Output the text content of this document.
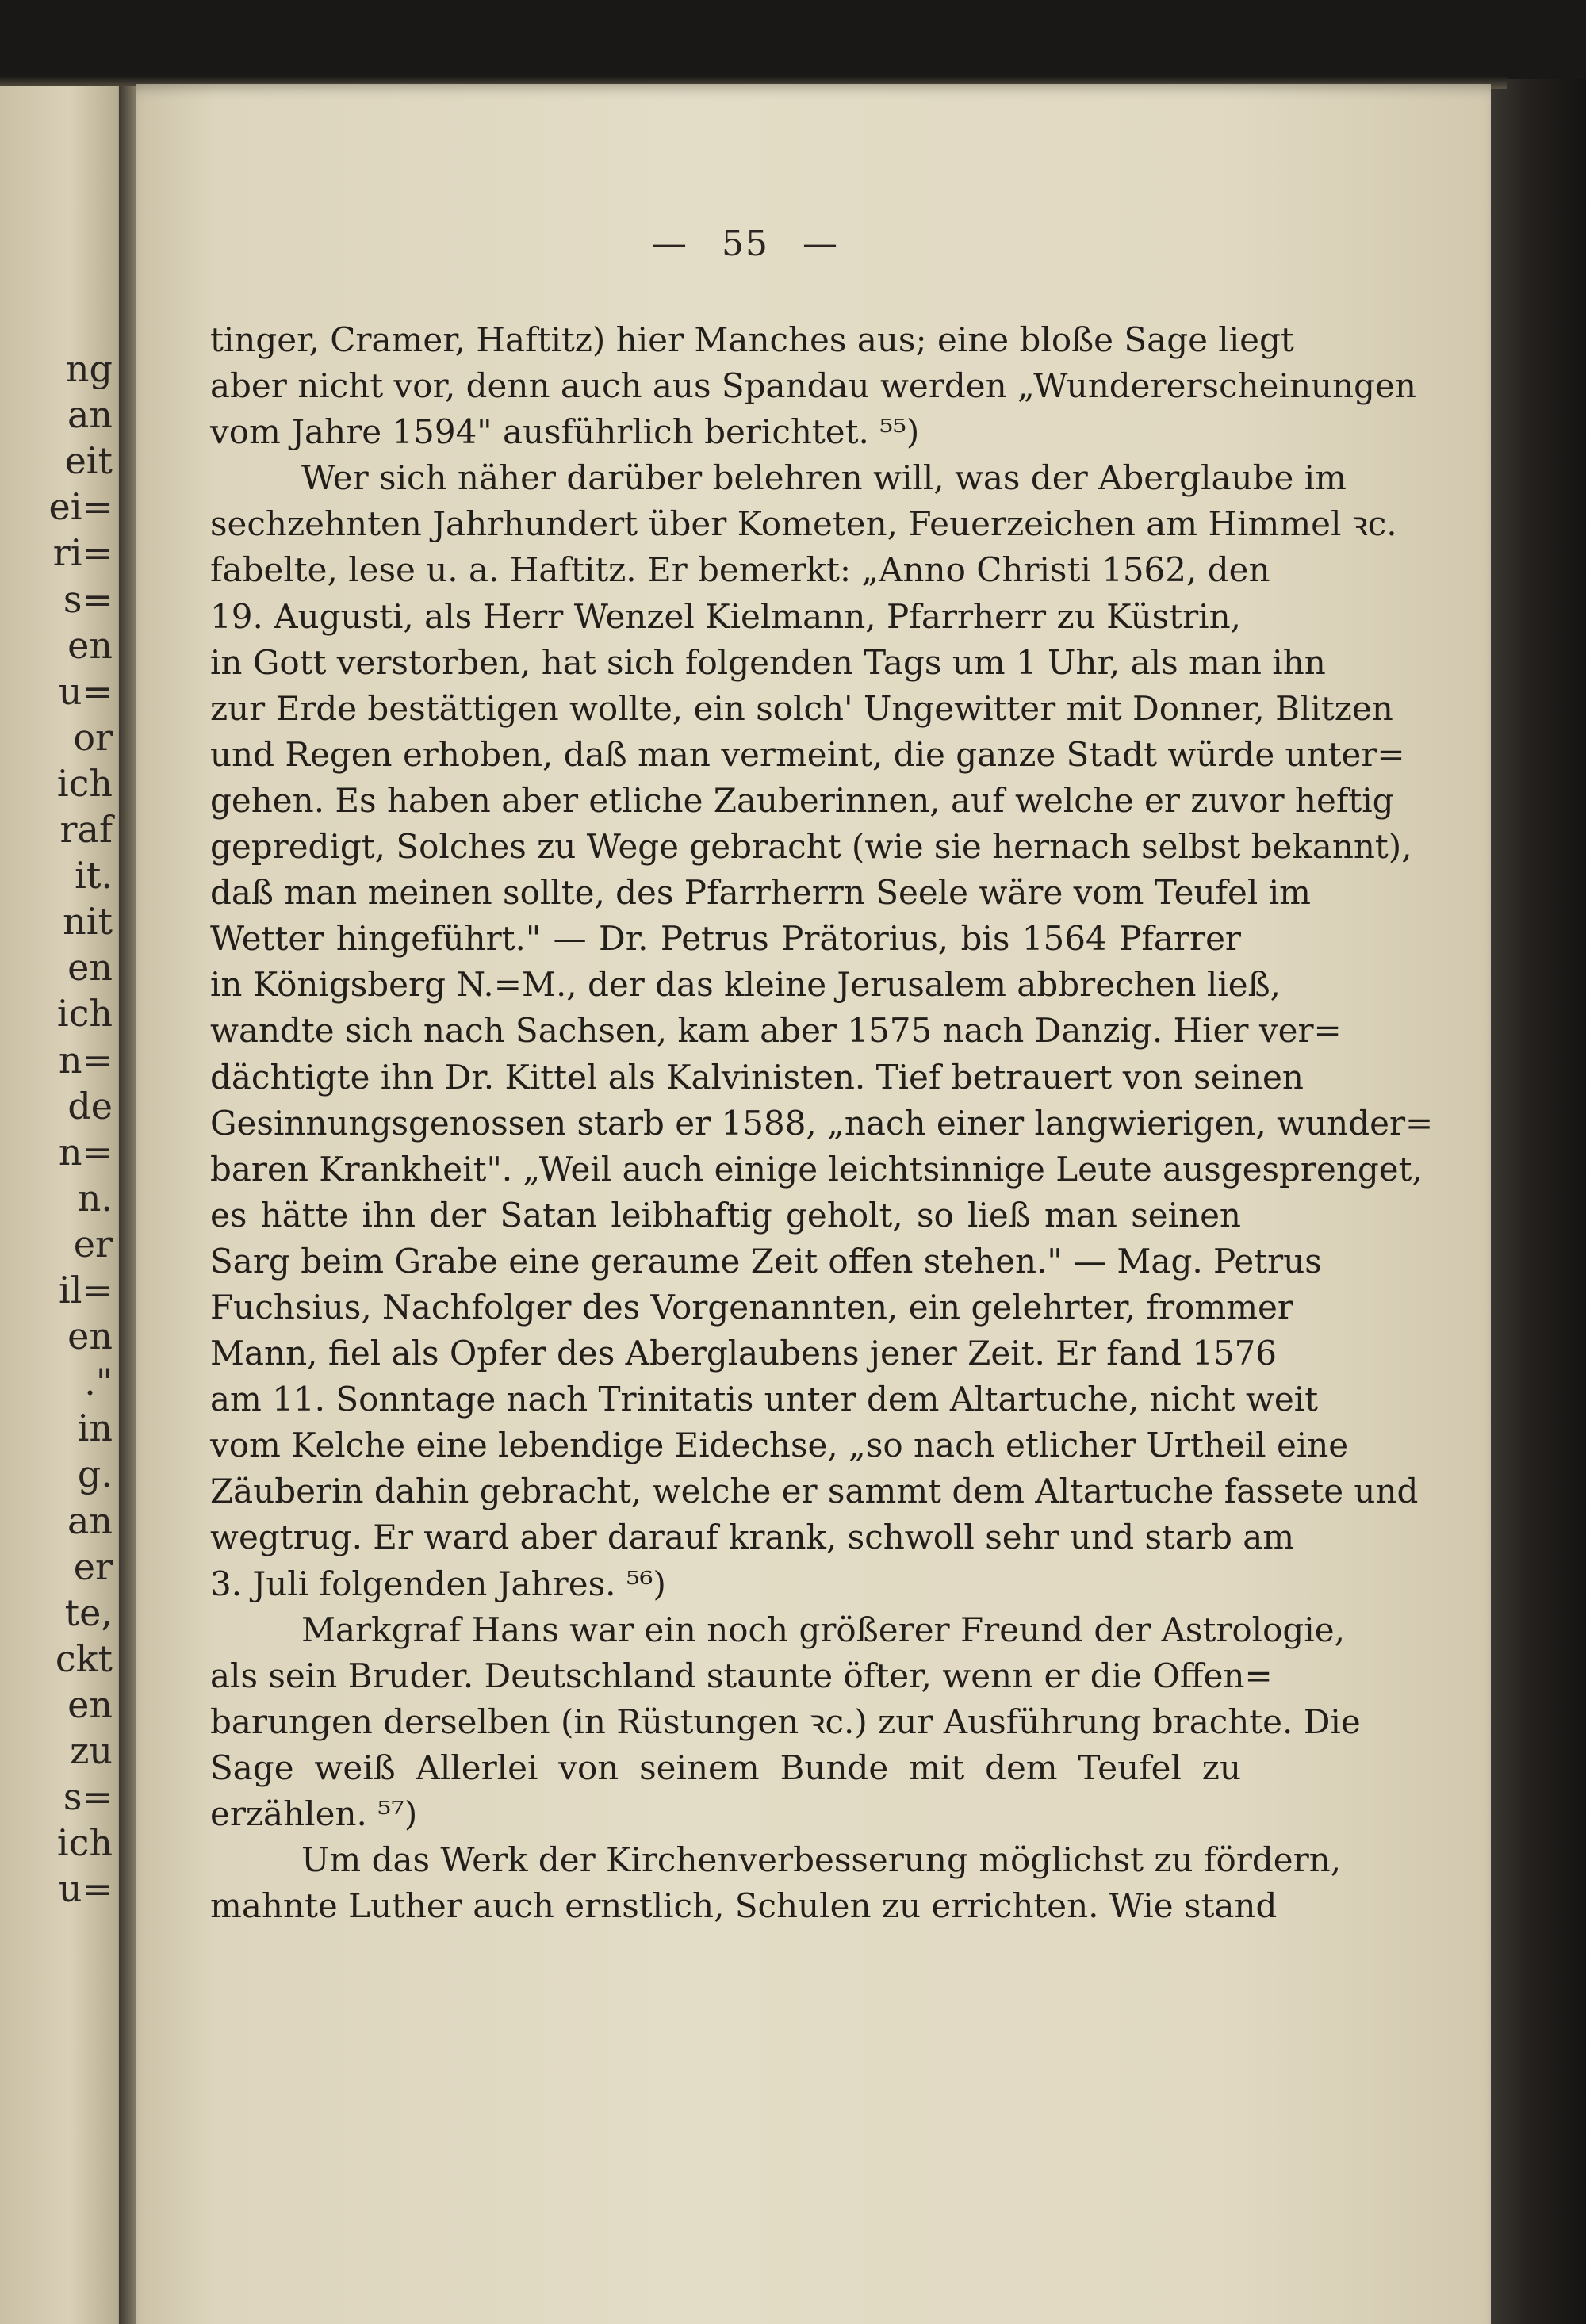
ng
an
eit
ei=
ri=
s=
en
u=
or
ich
raf
it.
nit
en
ich
n=
de
n=
n.
er
il=
en
."
in
g.
an
er
te,
ckt
en
zu
s=
ich
u=
— 55 —
tinger, Cramer, Haftitz) hier Manches aus; eine bloße Sage liegt
aber nicht vor, denn auch aus Spandau werden „Wundererscheinungen
vom Jahre 1594" ausführlich berichtet. ⁵⁵)
Wer sich näher darüber belehren will, was der Aberglaube im
sechzehnten Jahrhundert über Kometen, Feuerzeichen am Himmel ꝛc.
fabelte, lese u. a. Haftitz. Er bemerkt: „Anno Christi 1562, den
19. Augusti, als Herr Wenzel Kielmann, Pfarrherr zu Küstrin,
in Gott verstorben, hat sich folgenden Tags um 1 Uhr, als man ihn
zur Erde bestättigen wollte, ein solch' Ungewitter mit Donner, Blitzen
und Regen erhoben, daß man vermeint, die ganze Stadt würde unter=
gehen. Es haben aber etliche Zauberinnen, auf welche er zuvor heftig
gepredigt, Solches zu Wege gebracht (wie sie hernach selbst bekannt),
daß man meinen sollte, des Pfarrherrn Seele wäre vom Teufel im
Wetter hingeführt." — Dr. Petrus Prätorius, bis 1564 Pfarrer
in Königsberg N.=M., der das kleine Jerusalem abbrechen ließ,
wandte sich nach Sachsen, kam aber 1575 nach Danzig. Hier ver=
dächtigte ihn Dr. Kittel als Kalvinisten. Tief betrauert von seinen
Gesinnungsgenossen starb er 1588, „nach einer langwierigen, wunder=
baren Krankheit". „Weil auch einige leichtsinnige Leute ausgesprenget,
es hätte ihn der Satan leibhaftig geholt, so ließ man seinen
Sarg beim Grabe eine geraume Zeit offen stehen." — Mag. Petrus
Fuchsius, Nachfolger des Vorgenannten, ein gelehrter, frommer
Mann, fiel als Opfer des Aberglaubens jener Zeit. Er fand 1576
am 11. Sonntage nach Trinitatis unter dem Altartuche, nicht weit
vom Kelche eine lebendige Eidechse, „so nach etlicher Urtheil eine
Zäuberin dahin gebracht, welche er sammt dem Altartuche fassete und
wegtrug. Er ward aber darauf krank, schwoll sehr und starb am
3. Juli folgenden Jahres. ⁵⁶)
Markgraf Hans war ein noch größerer Freund der Astrologie,
als sein Bruder. Deutschland staunte öfter, wenn er die Offen=
barungen derselben (in Rüstungen ꝛc.) zur Ausführung brachte. Die
Sage weiß Allerlei von seinem Bunde mit dem Teufel zu
erzählen. ⁵⁷)
Um das Werk der Kirchenverbesserung möglichst zu fördern,
mahnte Luther auch ernstlich, Schulen zu errichten. Wie stand
